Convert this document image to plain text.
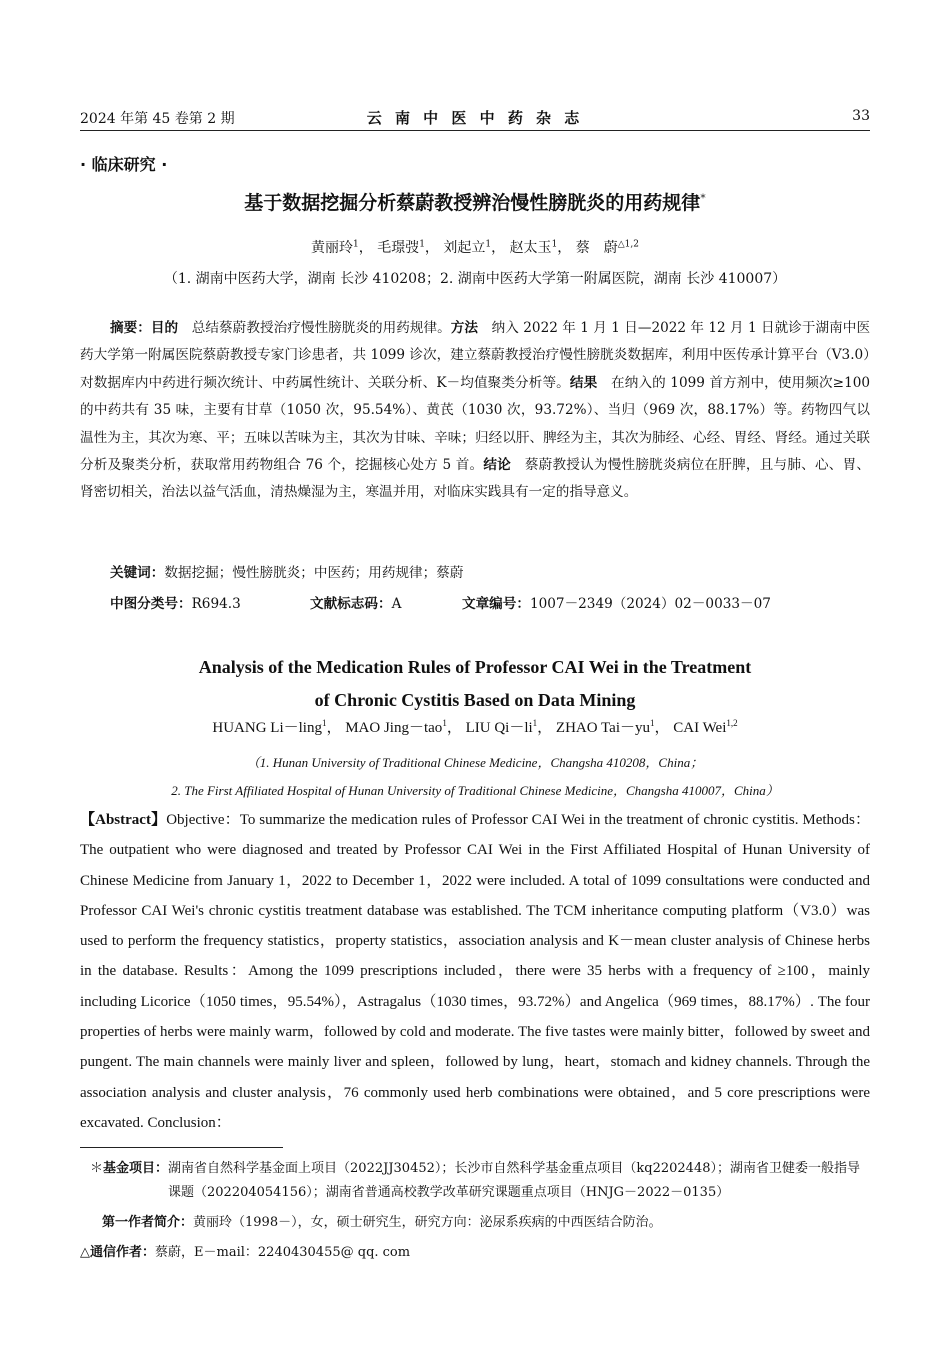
2024 年第 45 卷第 2 期	云 南 中 医 中 药 杂 志	33
· 临床研究 ·
基于数据挖掘分析蔡蔚教授辨治慢性膀胱炎的用药规律*
黄丽玲$^1$， 毛璟弢$^1$， 刘起立$^1$， 赵太玉$^1$， 蔡　蔚$^{\triangle 1,2}$
（1. 湖南中医药大学，湖南 长沙 410208；2. 湖南中医药大学第一附属医院，湖南 长沙 410007）
摘要：目的　 总结蔡蔚教授治疗慢性膀胱炎的用药规律。方法　 纳入 2022 年 1 月 1 日—2022 年 12 月 1 日就诊于湖南中医药大学第一附属医院蔡蔚教授专家门诊患者，共 1099 诊次，建立蔡蔚教授治疗慢性膀胱炎数据库，利用中医传承计算平台（V3.0）对数据库内中药进行频次统计、中药属性统计、关联分析、K－均值聚类分析等。结果　 在纳入的 1099 首方剂中，使用频次≥100 的中药共有 35 味，主要有甘草（1050 次，95.54%）、黄芪（1030 次，93.72%）、当归（969 次，88.17%）等。药物四气以温性为主，其次为寒、平；五味以苦味为主，其次为甘味、辛味；归经以肝、脾经为主，其次为肺经、心经、胃经、肾经。通过关联分析及聚类分析，获取常用药物组合 76 个，挖掘核心处方 5 首。结论　 蔡蔚教授认为慢性膀胱炎病位在肝脾，且与肺、心、胃、肾密切相关，治法以益气活血，清热燥湿为主，寒温并用，对临床实践具有一定的指导意义。
关键词：数据挖掘；慢性膀胱炎；中医药；用药规律；蔡蔚
中图分类号：R694.3	文献标志码：A	文章编号：1007－2349（2024）02－0033－07
Analysis of the Medication Rules of Professor CAI Wei in the Treatment
of Chronic Cystitis Based on Data Mining
HUANG Li－ling$^1$， MAO Jing－tao$^1$， LIU $Qi-li^1$， ZHAO $Tai-yu^1$， CAI Wei$^{1,2}$
（1. Hunan University of Traditional Chinese Medicine，Changsha 410208，China；
2. The First Affiliated Hospital of Hunan University of Traditional Chinese Medicine，Changsha 410007，China）
【Abstract】Objective：To summarize the medication rules of Professor CAI Wei in the treatment of chronic cystitis. Methods：The outpatient who were diagnosed and treated by Professor CAI Wei in the First Affiliated Hospital of Hunan University of Chinese Medicine from January 1，2022 to December 1，2022 were included. A total of 1099 consultations were conducted and Professor CAI Wei's chronic cystitis treatment database was established. The TCM inheritance computing platform（V3.0）was used to perform the frequency statistics，property statistics，association analysis and K－mean cluster analysis of Chinese herbs in the database. Results：Among the 1099 prescriptions included，there were 35 herbs with a frequency of ≥100，mainly including Licorice（1050 times，95.54%），Astragalus（1030 times，93.72%）and Angelica（969 times，88.17%）. The four properties of herbs were mainly warm，followed by cold and moderate. The five tastes were mainly bitter，followed by sweet and pungent. The main channels were mainly liver and spleen，followed by lung，heart，stomach and kidney channels. Through the association analysis and cluster analysis，76 commonly used herb combinations were obtained，and 5 core prescriptions were excavated. Conclusion：

＊基金项目：湖南省自然科学基金面上项目（2022JJ30452）；长沙市自然科学基金重点项目（kq2202448）；湖南省卫健委一般指导课题（202204054156）；湖南省普通高校教学改革研究课题重点项目（HNJG－2022－0135）

第一作者简介：黄丽玲（1998－），女，硕士研究生，研究方向：泌尿系疾病的中西医结合防治。

△通信作者：蔡蔚，E－mail：2240430455@ qq. com
